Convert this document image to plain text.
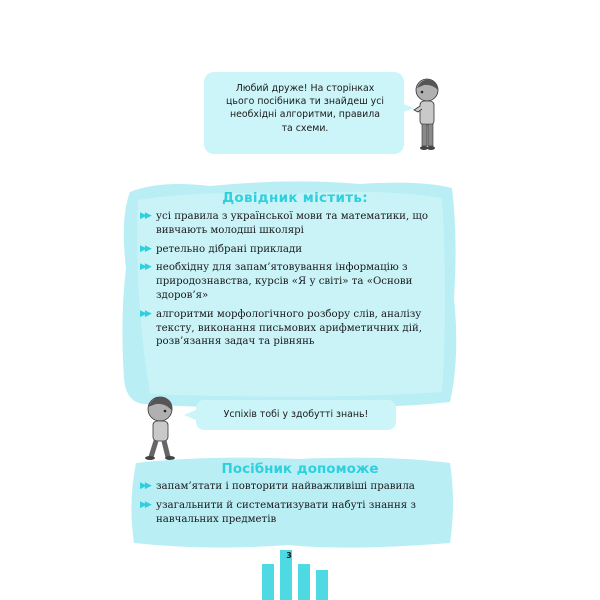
Любий друже! На сторінках
цього посібника ти знайдеш усі
необхідні алгоритми, правила
та схеми.
Довідник містить:
▶▶ усі правила з української мови та математики, що вивчають молодші школярі
▶▶ ретельно дібрані приклади
▶▶ необхідну для запам’ятовування інформацію з природознавства, курсів «Я у світі» та «Основи здоров’я»
▶▶ алгоритми морфологічного розбору слів, аналізу тексту, виконання письмових арифметичних дій, розв’язання задач та рівнянь
Успіхів тобі у здобутті знань!
Посібник допоможе
▶▶ запам’ятати і повторити найважливіші правила
▶▶ узагальнити й систематизувати набуті знання з навчальних предметів
3
